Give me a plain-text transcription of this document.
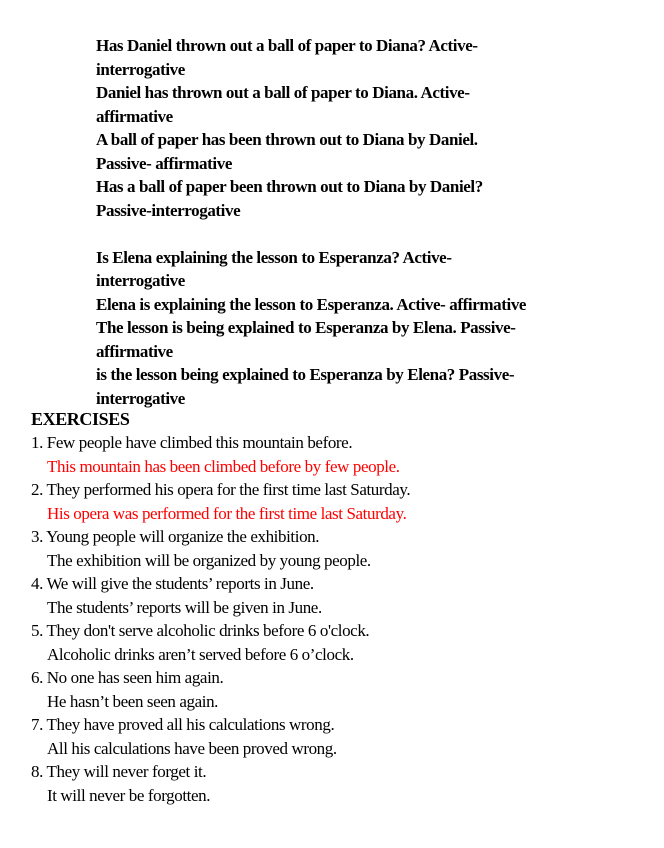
Has Daniel thrown out a ball of paper to Diana? Active-
interrogative
Daniel has thrown out a ball of paper to Diana. Active-
affirmative
A ball of paper has been thrown out to Diana by Daniel.
Passive- affirmative
Has a ball of paper been thrown out to Diana by Daniel?
Passive-interrogative
Is Elena explaining the lesson to Esperanza? Active-
interrogative
Elena is explaining the lesson to Esperanza. Active- affirmative
The lesson is being explained to Esperanza by Elena. Passive-
affirmative
is the lesson being explained to Esperanza by Elena? Passive-
interrogative
EXERCISES
1. Few people have climbed this mountain before.
This mountain has been climbed before by few people.
2. They performed his opera for the first time last Saturday.
His opera was performed for the first time last Saturday.
3. Young people will organize the exhibition.
The exhibition will be organized by young people.
4. We will give the students’ reports in June.
The students’ reports will be given in June.
5. They don't serve alcoholic drinks before 6 o'clock.
Alcoholic drinks aren’t served before 6 o’clock.
6. No one has seen him again.
He hasn’t been seen again.
7. They have proved all his calculations wrong.
All his calculations have been proved wrong.
8. They will never forget it.
It will never be forgotten.
